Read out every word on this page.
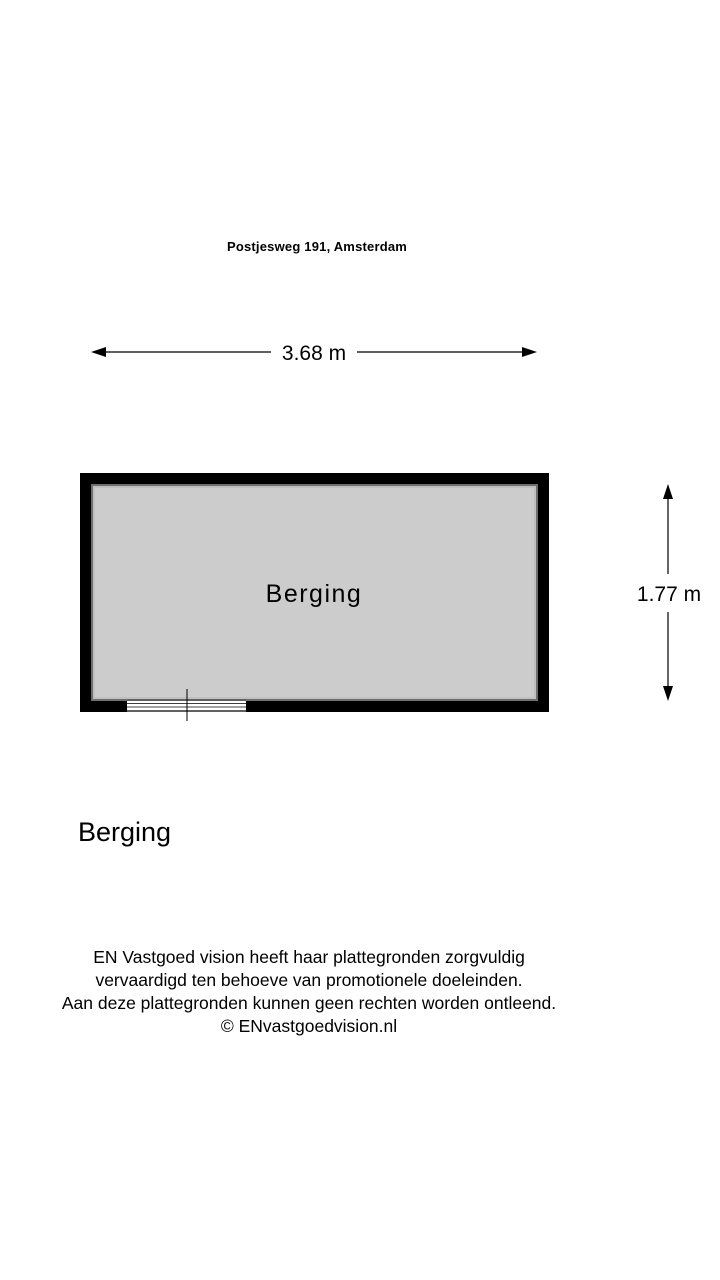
Postjesweg 191, Amsterdam
3.68 m
Berging	1.77 m
Berging
EN Vastgoed vision heeft haar plattegronden zorgvuldig
vervaardigd ten behoeve van promotionele doeleinden.
Aan deze plattegronden kunnen geen rechten worden ontleend.
© ENvastgoedvision.nl
